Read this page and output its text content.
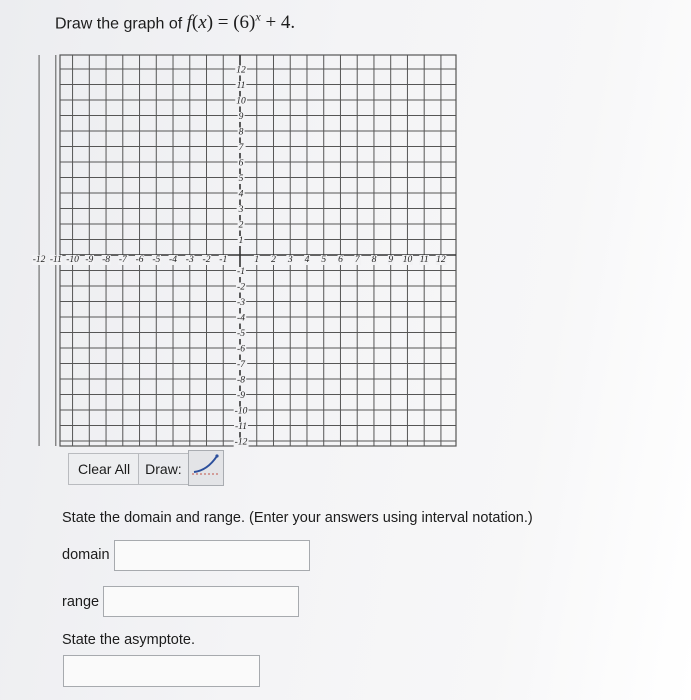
Draw the graph of $f(x) = (6)^x + 4$.
-12 -11 -10 -9 -8 -7 -6 -5 -4 -3 -2 -1	1 2 3 4 5 6 7 8 9 10 11 12
12
11
10
9
8
7
6
5
4
3
2
1
-1
-2
-3
-4
-5
-6
-7
-8
-9
-10
-11
-12
Clear All	Draw:
State the domain and range. (Enter your answers using interval notation.)
domain
range
State the asymptote.
